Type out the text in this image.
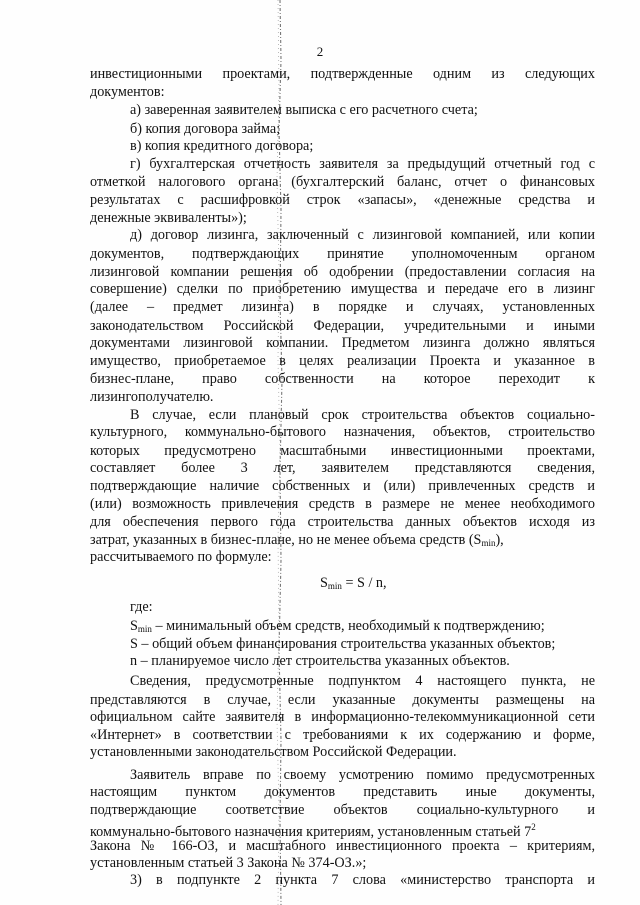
2
инвестиционными проектами, подтвержденные одним из следующих
документов:
а) заверенная заявителем выписка с его расчетного счета;
б) копия договора займа;
в) копия кредитного договора;
г) бухгалтерская отчетность заявителя за предыдущий отчетный год с
отметкой налогового органа (бухгалтерский баланс, отчет о финансовых
результатах с расшифровкой строк «запасы», «денежные средства и
денежные эквиваленты»);
д) договор лизинга, заключенный с лизинговой компанией, или копии
документов, подтверждающих принятие уполномоченным органом
лизинговой компании решения об одобрении (предоставлении согласия на
совершение) сделки по приобретению имущества и передаче его в лизинг
(далее – предмет лизинга) в порядке и случаях, установленных
законодательством Российской Федерации, учредительными и иными
документами лизинговой компании. Предметом лизинга должно являться
имущество, приобретаемое в целях реализации Проекта и указанное в
бизнес-плане, право собственности на которое переходит к
лизингополучателю.
В случае, если плановый срок строительства объектов социально-
культурного, коммунально-бытового назначения, объектов, строительство
которых предусмотрено масштабными инвестиционными проектами,
составляет более 3 лет, заявителем представляются сведения,
подтверждающие наличие собственных и (или) привлеченных средств и
(или) возможность привлечения средств в размере не менее необходимого
для обеспечения первого года строительства данных объектов исходя из
затрат, указанных в бизнес-плане, но не менее объема средств $(S_{min})$,
рассчитываемого по формуле:
$S_{min} = S / n$,
где:
$S_{min}$ – минимальный объем средств, необходимый к подтверждению;
S – общий объем финансирования строительства указанных объектов;
n – планируемое число лет строительства указанных объектов.
Сведения, предусмотренные подпунктом 4 настоящего пункта, не
представляются в случае, если указанные документы размещены на
официальном сайте заявителя в информационно-телекоммуникационной сети
«Интернет» в соответствии с требованиями к их содержанию и форме,
установленными законодательством Российской Федерации.
Заявитель вправе по своему усмотрению помимо предусмотренных
настоящим пунктом документов представить иные документы,
подтверждающие соответствие объектов социально-культурного и
коммунально-бытового назначения критериям, установленным статьей $7^2$
Закона № 166-ОЗ, и масштабного инвестиционного проекта – критериям,
установленным статьей 3 Закона № 374-ОЗ.»;
3) в подпункте 2 пункта 7 слова «министерство транспорта и
